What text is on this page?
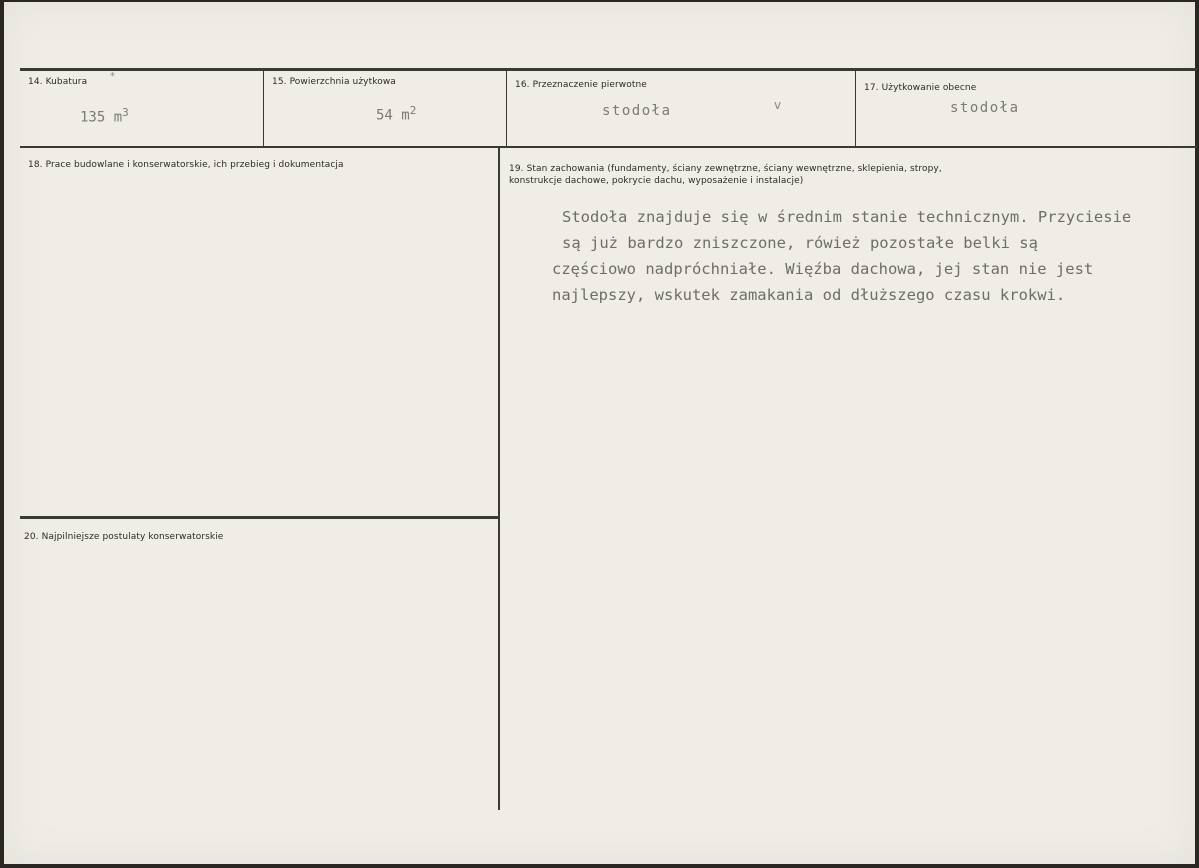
14. Kubatura *
135 $m^3$
15. Powierzchnia użytkowa
54 $m^2$
16. Przeznaczenie pierwotne
stodoła	v
17. Użytkowanie obecne
stodoła
18. Prace budowlane i konserwatorskie, ich przebieg i dokumentacja	19. Stan zachowania (fundamenty, ściany zewnętrzne, ściany wewnętrzne, sklepienia, stropy,
konstrukcje dachowe, pokrycie dachu, wyposażenie i instalacje)
Stodoła znajduje się w średnim stanie technicznym. Przyciesie
są już bardzo zniszczone, rówież pozostałe belki są
częściowo nadpróchniałe. Więźba dachowa, jej stan nie jest
najlepszy, wskutek zamakania od dłuższego czasu krokwi.
20. Najpilniejsze postulaty konserwatorskie
